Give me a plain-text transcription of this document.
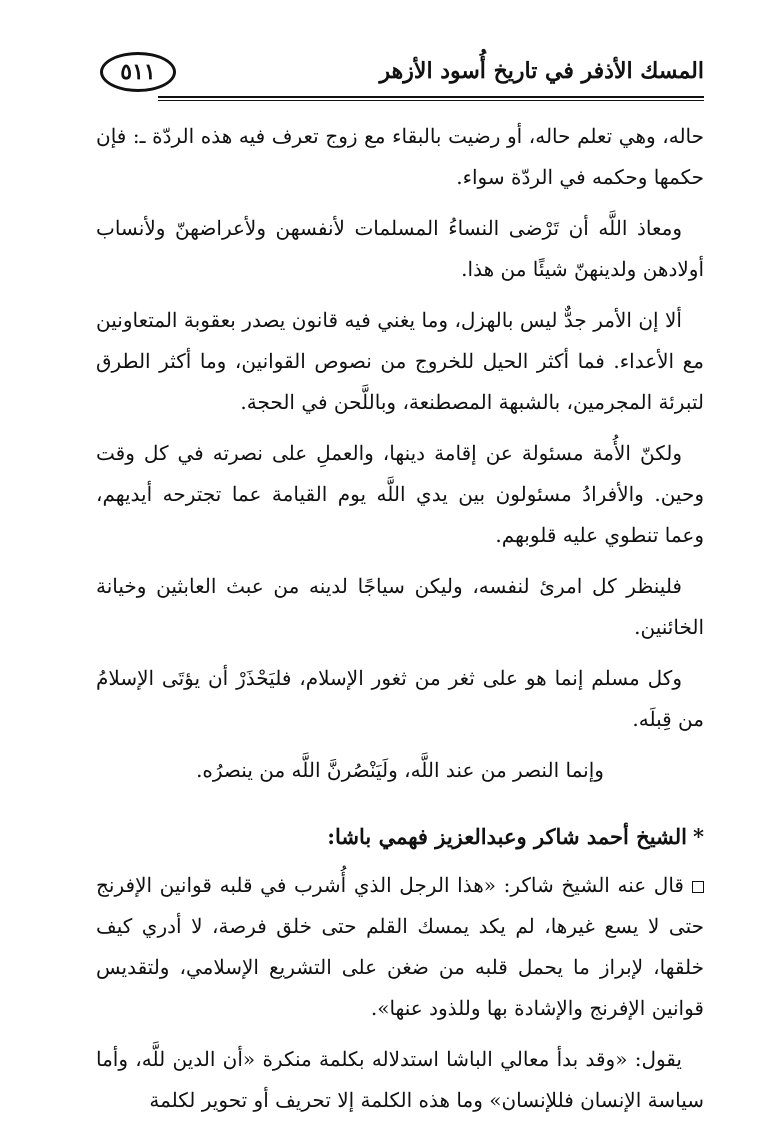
المسك الأذفر في تاريخ أُسود الأزهر
٥١١

حاله، وهي تعلم حاله، أو رضيت بالبقاء مع زوج تعرف فيه هذه الردّة ـ: فإن حكمها وحكمه في الردّة سواء.

ومعاذ اللَّه أن تَرْضى النساءُ المسلمات لأنفسهن ولأعراضهنّ ولأنساب أولادهن ولدينهنّ شيئًا من هذا.

ألا إن الأمر جدٌّ ليس بالهزل، وما يغني فيه قانون يصدر بعقوبة المتعاونين مع الأعداء. فما أكثر الحيل للخروج من نصوص القوانين، وما أكثر الطرق لتبرئة المجرمين، بالشبهة المصطنعة، وباللَّحن في الحجة.

ولكنّ الأُمة مسئولة عن إقامة دينها، والعملِ على نصرته في كل وقت وحين. والأفرادُ مسئولون بين يدي اللَّه يوم القيامة عما تجترحه أيديهم، وعما تنطوي عليه قلوبهم.

فلينظر كل امرئ لنفسه، وليكن سياجًا لدينه من عبث العابثين وخيانة الخائنين.

وكل مسلم إنما هو على ثغر من ثغور الإسلام، فليَحْذَرْ أن يؤتَى الإسلامُ من قِبلَه.

وإنما النصر من عند اللَّه، ولَيَنْصُرنَّ اللَّه من ينصرُه.

*الشيخ أحمد شاكر وعبدالعزيز فهمي باشا:

قال عنه الشيخ شاكر: «هذا الرجل الذي أُشرب في قلبه قوانين الإفرنج حتى لا يسع غيرها، لم يكد يمسك القلم حتى خلق فرصة، لا أدري كيف خلقها، لإبراز ما يحمل قلبه من ضغن على التشريع الإسلامي، ولتقديس قوانين الإفرنج والإشادة بها وللذود عنها».

يقول: «وقد بدأ معالي الباشا استدلاله بكلمة منكرة «أن الدين للَّه، وأما سياسة الإنسان فللإنسان» وما هذه الكلمة إلا تحريف أو تحوير لكلمة
